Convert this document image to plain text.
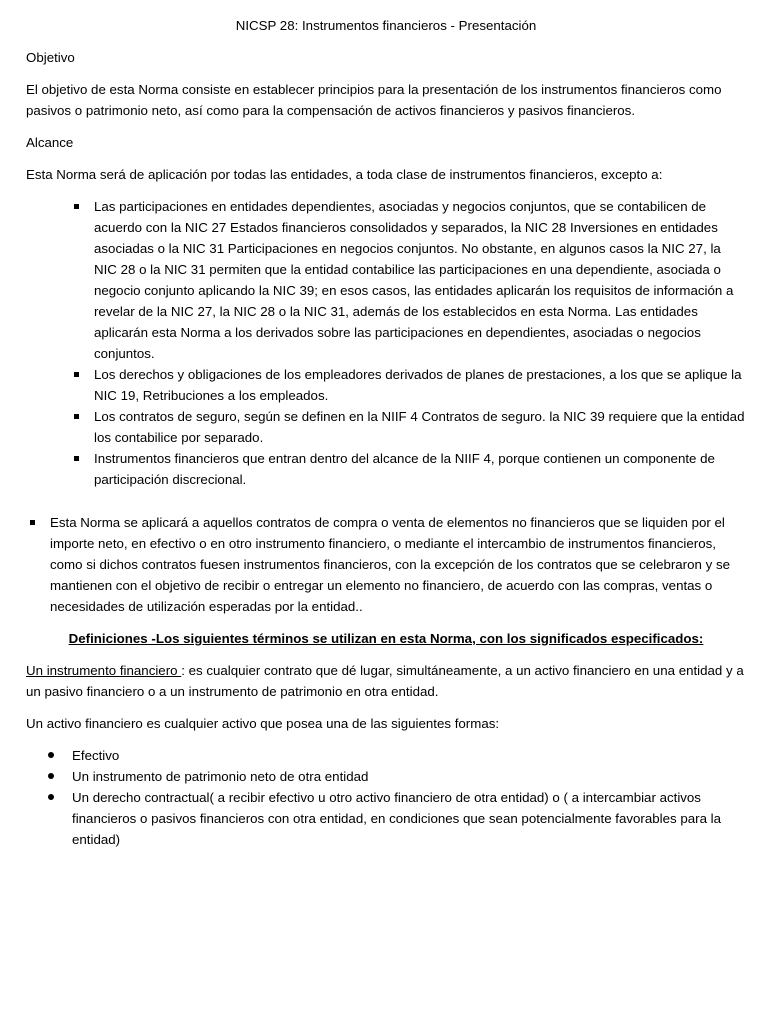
NICSP 28: Instrumentos financieros - Presentación
Objetivo
El objetivo de esta Norma consiste en establecer principios para la presentación de los instrumentos financieros como pasivos o patrimonio neto, así como para la compensación de activos financieros y pasivos financieros.
Alcance
Esta Norma será de aplicación por todas las entidades, a toda clase de instrumentos financieros, excepto a:
Las participaciones en entidades dependientes, asociadas y negocios conjuntos, que se contabilicen de acuerdo con la NIC 27 Estados financieros consolidados y separados, la NIC 28 Inversiones en entidades asociadas o la NIC 31 Participaciones en negocios conjuntos. No obstante, en algunos casos la NIC 27, la NIC 28 o la NIC 31 permiten que la entidad contabilice las participaciones en una dependiente, asociada o negocio conjunto aplicando la NIC 39; en esos casos, las entidades aplicarán los requisitos de información a revelar de la NIC 27, la NIC 28 o la NIC 31, además de los establecidos en esta Norma. Las entidades aplicarán esta Norma a los derivados sobre las participaciones en dependientes, asociadas o negocios conjuntos.
Los derechos y obligaciones de los empleadores derivados de planes de prestaciones, a los que se aplique la NIC 19, Retribuciones a los empleados.
Los contratos de seguro, según se definen en la NIIF 4 Contratos de seguro. la NIC 39 requiere que la entidad los contabilice por separado.
Instrumentos financieros que entran dentro del alcance de la NIIF 4, porque contienen un componente de participación discrecional.
Esta Norma se aplicará a aquellos contratos de compra o venta de elementos no financieros que se liquiden por el importe neto, en efectivo o en otro instrumento financiero, o mediante el intercambio de instrumentos financieros, como si dichos contratos fuesen instrumentos financieros, con la excepción de los contratos que se celebraron y se mantienen con el objetivo de recibir o entregar un elemento no financiero, de acuerdo con las compras, ventas o necesidades de utilización esperadas por la entidad..
Definiciones -Los siguientes términos se utilizan en esta Norma, con los significados especificados:
Un instrumento financiero : es cualquier contrato que dé lugar, simultáneamente, a un activo financiero en una entidad y a un pasivo financiero o a un instrumento de patrimonio en otra entidad.
Un activo financiero es cualquier activo que posea una de las siguientes formas:
Efectivo
Un instrumento de patrimonio neto de otra entidad
Un derecho contractual( a recibir efectivo u otro activo financiero de otra entidad) o ( a intercambiar activos financieros o pasivos financieros con otra entidad, en condiciones que sean potencialmente favorables para la entidad)
